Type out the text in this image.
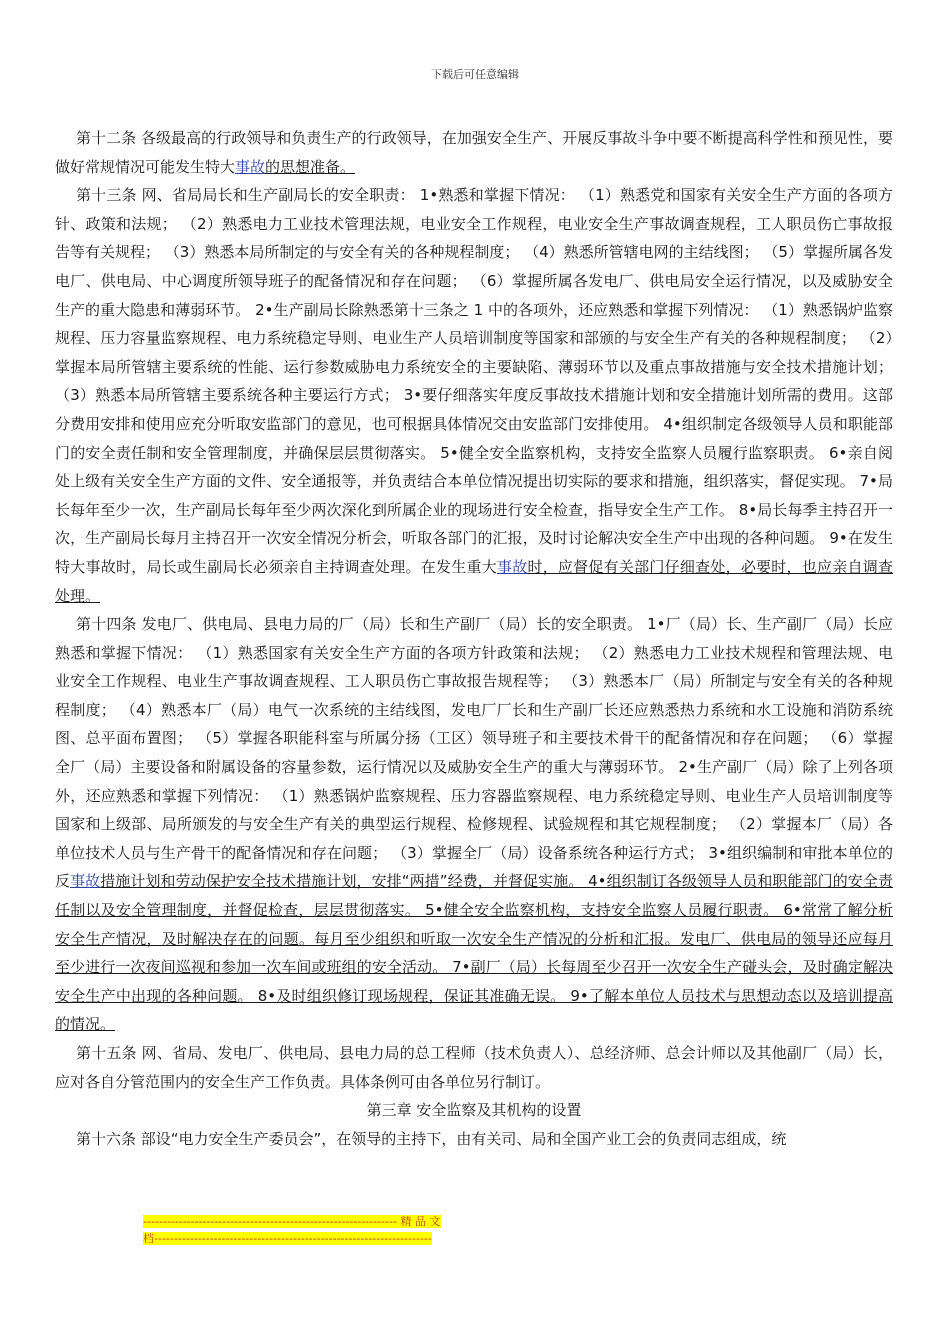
下载后可任意编辑

第十二条 各级最高的行政领导和负责生产的行政领导，在加强安全生产、开展反事故斗争中要不断提高科学性和预见性，要做好常规情况可能发生特大事故的思想准备。

第十三条 网、省局局长和生产副局长的安全职责： 1•熟悉和掌握下情况： （1）熟悉党和国家有关安全生产方面的各项方针、政策和法规； （2）熟悉电力工业技术管理法规，电业安全工作规程，电业安全生产事故调查规程，工人职员伤亡事故报告等有关规程； （3）熟悉本局所制定的与安全有关的各种规程制度； （4）熟悉所管辖电网的主结线图； （5）掌握所属各发电厂、供电局、中心调度所领导班子的配备情况和存在问题； （6）掌握所属各发电厂、供电局安全运行情况，以及威胁安全生产的重大隐患和薄弱环节。 2•生产副局长除熟悉第十三条之 1 中的各项外，还应熟悉和掌握下列情况： （1）熟悉锅炉监察规程、压力容量监察规程、电力系统稳定导则、电业生产人员培训制度等国家和部颁的与安全生产有关的各种规程制度； （2）掌握本局所管辖主要系统的性能、运行参数威胁电力系统安全的主要缺陷、薄弱环节以及重点事故措施与安全技术措施计划； （3）熟悉本局所管辖主要系统各种主要运行方式； 3•要仔细落实年度反事故技术措施计划和安全措施计划所需的费用。这部分费用安排和使用应充分听取安监部门的意见，也可根据具体情况交由安监部门安排使用。 4•组织制定各级领导人员和职能部门的安全责任制和安全管理制度，并确保层层贯彻落实。 5•健全安全监察机构，支持安全监察人员履行监察职责。 6•亲自阅处上级有关安全生产方面的文件、安全通报等，并负责结合本单位情况提出切实际的要求和措施，组织落实，督促实现。 7•局长每年至少一次，生产副局长每年至少两次深化到所属企业的现场进行安全检查，指导安全生产工作。 8•局长每季主持召开一次，生产副局长每月主持召开一次安全情况分析会，听取各部门的汇报，及时讨论解决安全生产中出现的各种问题。 9•在发生特大事故时，局长或生副局长必须亲自主持调查处理。在发生重大事故时，应督促有关部门仔细查处，必要时，也应亲自调查处理。

第十四条 发电厂、供电局、县电力局的厂（局）长和生产副厂（局）长的安全职责。 1•厂（局）长、生产副厂（局）长应熟悉和掌握下情况： （1）熟悉国家有关安全生产方面的各项方针政策和法规； （2）熟悉电力工业技术规程和管理法规、电业安全工作规程、电业生产事故调查规程、工人职员伤亡事故报告规程等； （3）熟悉本厂（局）所制定与安全有关的各种规程制度； （4）熟悉本厂（局）电气一次系统的主结线图，发电厂厂长和生产副厂长还应熟悉热力系统和水工设施和消防系统图、总平面布置图； （5）掌握各职能科室与所属分扬（工区）领导班子和主要技术骨干的配备情况和存在问题； （6）掌握全厂（局）主要设备和附属设备的容量参数，运行情况以及威胁安全生产的重大与薄弱环节。 2•生产副厂（局）除了上列各项外，还应熟悉和掌握下列情况： （1）熟悉锅炉监察规程、压力容器监察规程、电力系统稳定导则、电业生产人员培训制度等国家和上级部、局所颁发的与安全生产有关的典型运行规程、检修规程、试验规程和其它规程制度； （2）掌握本厂（局）各单位技术人员与生产骨干的配备情况和存在问题； （3）掌握全厂（局）设备系统各种运行方式； 3•组织编制和审批本单位的反事故措施计划和劳动保护安全技术措施计划，安排“两措”经费，并督促实施。 4•组织制订各级领导人员和职能部门的安全责任制以及安全管理制度，并督促检查，层层贯彻落实。 5•健全安全监察机构，支持安全监察人员履行职责。 6•常常了解分析安全生产情况，及时解决存在的问题。每月至少组织和听取一次安全生产情况的分析和汇报。发电厂、供电局的领导还应每月至少进行一次夜间巡视和参加一次车间或班组的安全活动。 7•副厂（局）长每周至少召开一次安全生产碰头会，及时确定解决安全生产中出现的各种问题。 8•及时组织修订现场规程，保证其准确无误。 9•了解本单位人员技术与思想动态以及培训提高的情况。

第十五条 网、省局、发电厂、供电局、县电力局的总工程师（技术负责人）、总经济师、总会计师以及其他副厂（局）长，应对各自分管范围内的安全生产工作负责。具体条例可由各单位另行制订。

第三章 安全监察及其机构的设置

第十六条 部设“电力安全生产委员会”，在领导的主持下，由有关司、局和全国产业工会的负责同志组成，统

---------------------------------------------------------------- 精 品 文
档----------------------------------------------------------------------
